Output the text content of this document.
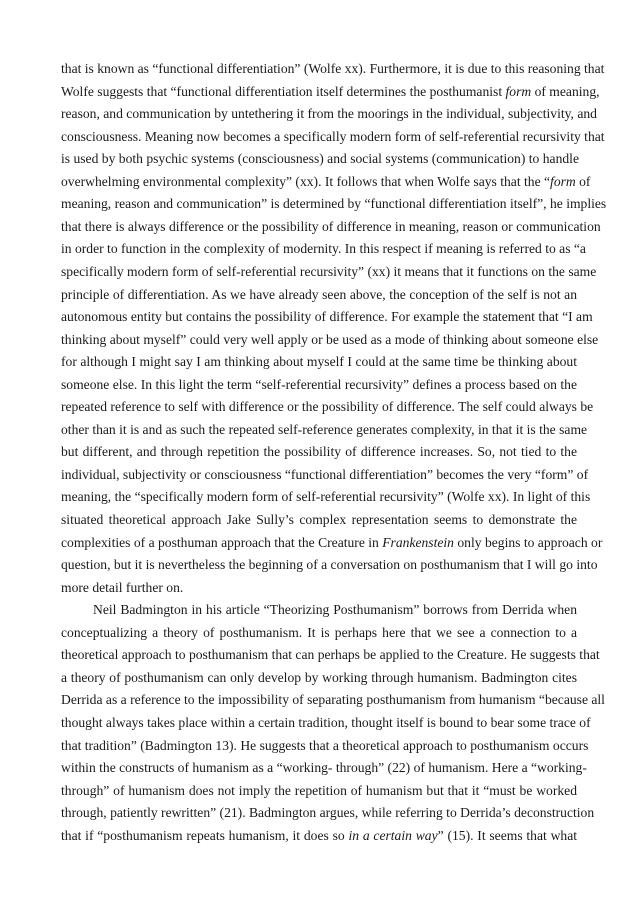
that is known as “functional differentiation” (Wolfe xx). Furthermore, it is due to this reasoning that
Wolfe suggests that “functional differentiation itself determines the posthumanist form of meaning,
reason, and communication by untethering it from the moorings in the individual, subjectivity, and
consciousness. Meaning now becomes a specifically modern form of self-referential recursivity that
is used by both psychic systems (consciousness) and social systems (communication) to handle
overwhelming environmental complexity” (xx). It follows that when Wolfe says that the “form of
meaning, reason and communication” is determined by “functional differentiation itself”, he implies
that there is always difference or the possibility of difference in meaning, reason or communication
in order to function in the complexity of modernity. In this respect if meaning is referred to as “a
specifically modern form of self-referential recursivity” (xx) it means that it functions on the same
principle of differentiation. As we have already seen above, the conception of the self is not an
autonomous entity but contains the possibility of difference. For example the statement that “I am
thinking about myself” could very well apply or be used as a mode of thinking about someone else
for although I might say I am thinking about myself I could at the same time be thinking about
someone else. In this light the term “self-referential recursivity” defines a process based on the
repeated reference to self with difference or the possibility of difference. The self could always be
other than it is and as such the repeated self-reference generates complexity, in that it is the same
but different, and through repetition the possibility of difference increases. So, not tied to the
individual, subjectivity or consciousness “functional differentiation” becomes the very “form” of
meaning, the “specifically modern form of self-referential recursivity” (Wolfe xx). In light of this
situated theoretical approach Jake Sully’s complex representation seems to demonstrate the
complexities of a posthuman approach that the Creature in Frankenstein only begins to approach or
question, but it is nevertheless the beginning of a conversation on posthumanism that I will go into
more detail further on.
Neil Badmington in his article “Theorizing Posthumanism” borrows from Derrida when
conceptualizing a theory of posthumanism. It is perhaps here that we see a connection to a
theoretical approach to posthumanism that can perhaps be applied to the Creature. He suggests that
a theory of posthumanism can only develop by working through humanism. Badmington cites
Derrida as a reference to the impossibility of separating posthumanism from humanism “because all
thought always takes place within a certain tradition, thought itself is bound to bear some trace of
that tradition” (Badmington 13). He suggests that a theoretical approach to posthumanism occurs
within the constructs of humanism as a “working- through” (22) of humanism. Here a “working-
through” of humanism does not imply the repetition of humanism but that it “must be worked
through, patiently rewritten” (21). Badmington argues, while referring to Derrida’s deconstruction
that if “posthumanism repeats humanism, it does so in a certain way” (15). It seems that what
